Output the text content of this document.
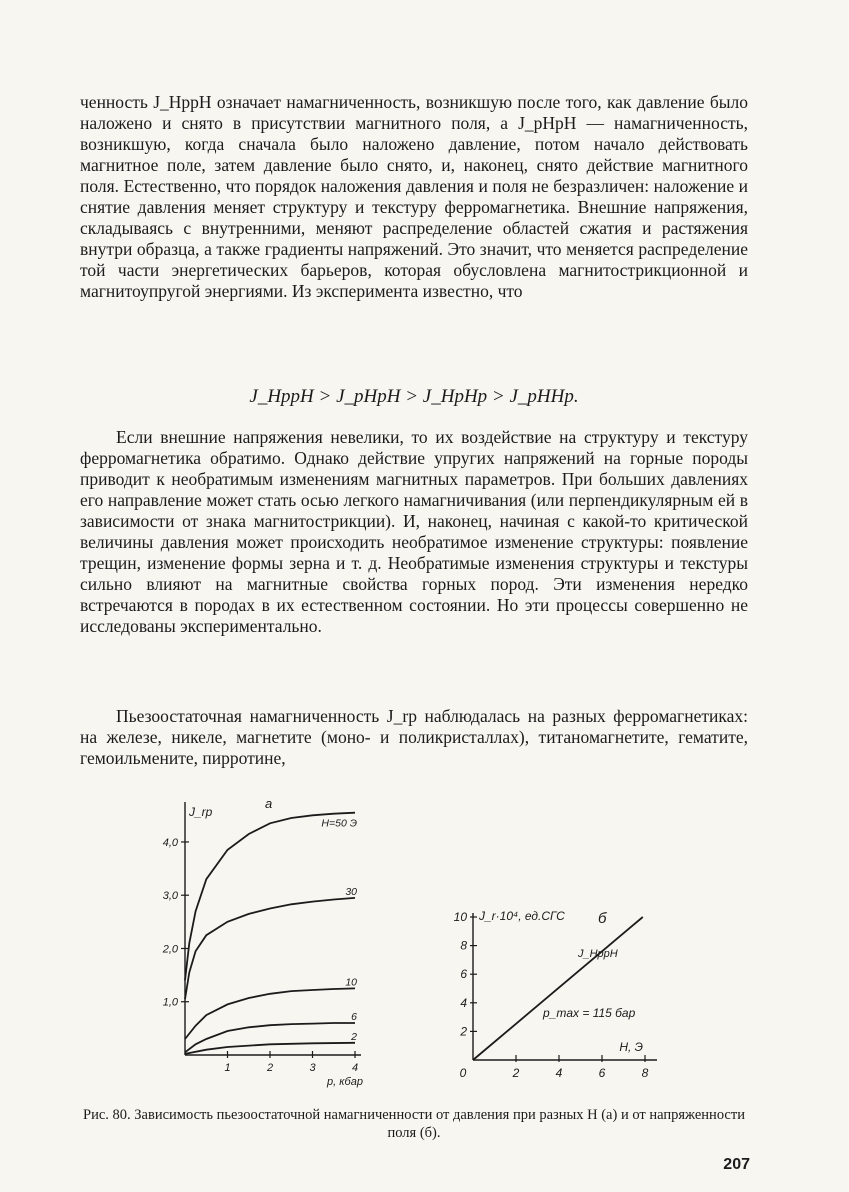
ченность J_HppH означает намагниченность, возникшую после того, как давление было наложено и снято в присутствии магнитного поля, а J_pHpH — намагниченность, возникшую, когда сначала было наложено давление, потом начало действовать магнитное поле, затем давление было снято, и, наконец, снято действие магнитного поля. Естественно, что порядок наложения давления и поля не безразличен: наложение и снятие давления меняет структуру и текстуру ферромагнетика. Внешние напряжения, складываясь с внутренними, меняют распределение областей сжатия и растяжения внутри образца, а также градиенты напряжений. Это значит, что меняется распределение той части энергетических барьеров, которая обусловлена магнитострикционной и магнитоупругой энергиями. Из эксперимента известно, что

J_HppH > J_pHpH > J_HpHp > J_pHHp.

Если внешние напряжения невелики, то их воздействие на структуру и текстуру ферромагнетика обратимо. Однако действие упругих напряжений на горные породы приводит к необратимым изменениям магнитных параметров. При больших давлениях его направление может стать осью легкого намагничивания (или перпендикулярным ей в зависимости от знака магнитострикции). И, наконец, начиная с какой-то критической величины давления может происходить необратимое изменение структуры: появление трещин, изменение формы зерна и т. д. Необратимые изменения структуры и текстуры сильно влияют на магнитные свойства горных пород. Эти изменения нередко встречаются в породах в их естественном состоянии. Но эти процессы совершенно не исследованы экспериментально.

Пьезоостаточная намагниченность J_rp наблюдалась на разных ферромагнетиках: на железе, никеле, магнетите (моно- и поликристаллах), титаномагнетите, гематите, гемоильмените, пирротине,

J_rp
а
1,0
2,0
3,0
4,0
1	2	3	4
p, кбар
H=50 Э
30
10
6
2
J_r·10⁴, ед.СГС б
2
4
6
8
10
0	2	4	6	8
H, Э
J_HppH
p_max = 115 бар
Рис. 80. Зависимость пьезоостаточной намагниченности от давления при разных H (а) и от напряженности поля (б).
207
